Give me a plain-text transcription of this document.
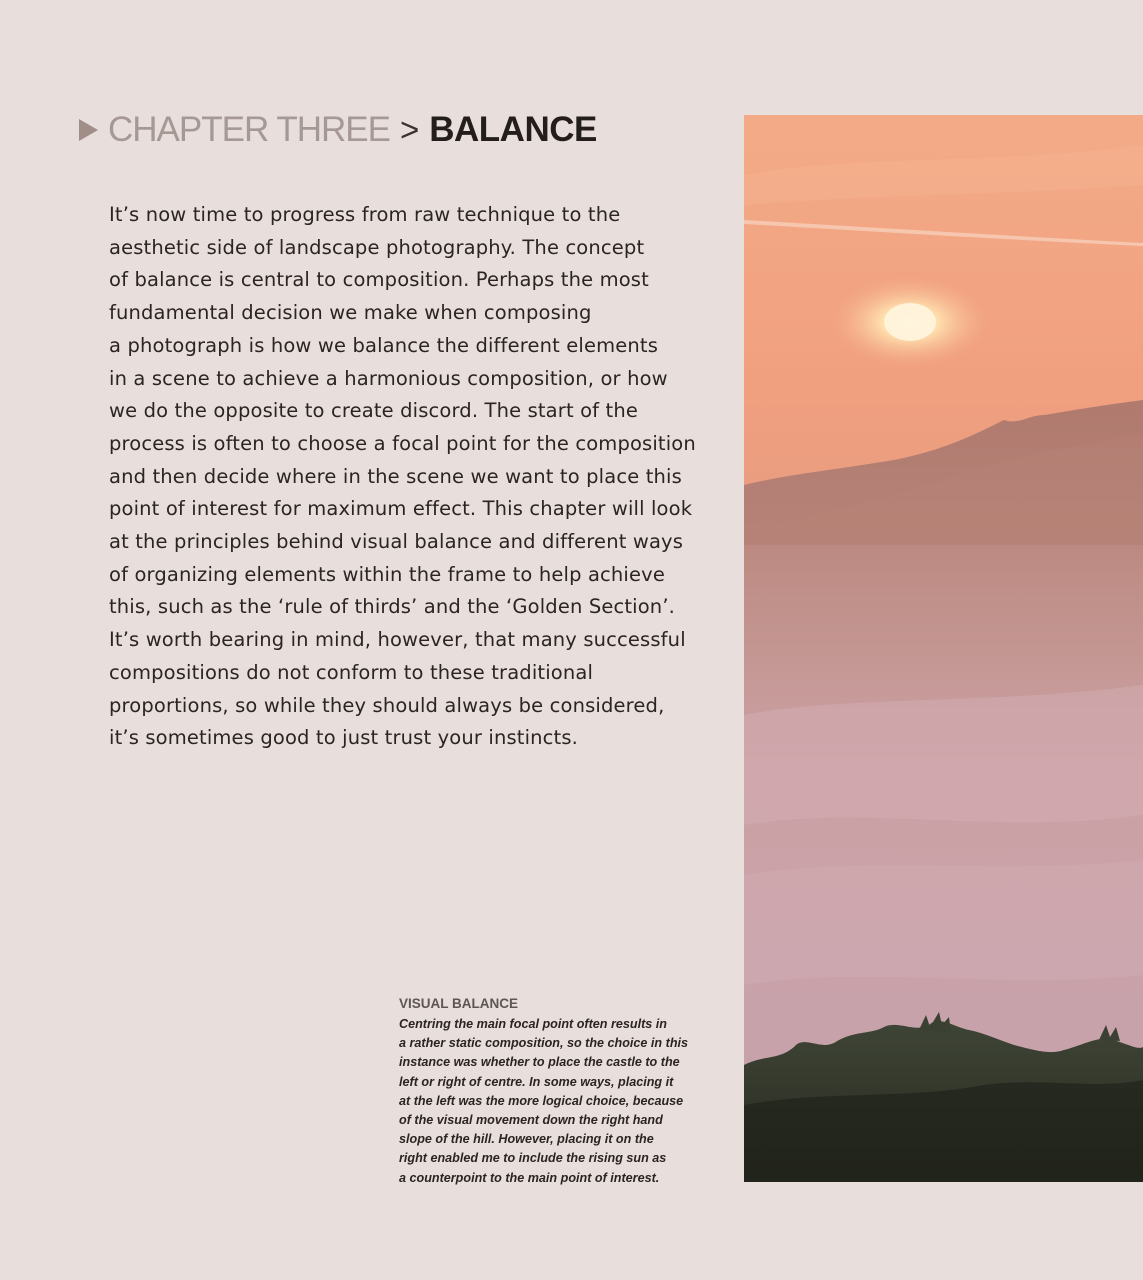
CHAPTER THREE > BALANCE

It’s now time to progress from raw technique to the
aesthetic side of landscape photography. The concept
of balance is central to composition. Perhaps the most
fundamental decision we make when composing
a photograph is how we balance the different elements
in a scene to achieve a harmonious composition, or how
we do the opposite to create discord. The start of the
process is often to choose a focal point for the composition
and then decide where in the scene we want to place this
point of interest for maximum effect. This chapter will look
at the principles behind visual balance and different ways
of organizing elements within the frame to help achieve
this, such as the ‘rule of thirds’ and the ‘Golden Section’.
It’s worth bearing in mind, however, that many successful
compositions do not conform to these traditional
proportions, so while they should always be considered,
it’s sometimes good to just trust your instincts.

VISUAL BALANCE

Centring the main focal point often results in
a rather static composition, so the choice in this
instance was whether to place the castle to the
left or right of centre. In some ways, placing it
at the left was the more logical choice, because
of the visual movement down the right hand
slope of the hill. However, placing it on the
right enabled me to include the rising sun as
a counterpoint to the main point of interest.
